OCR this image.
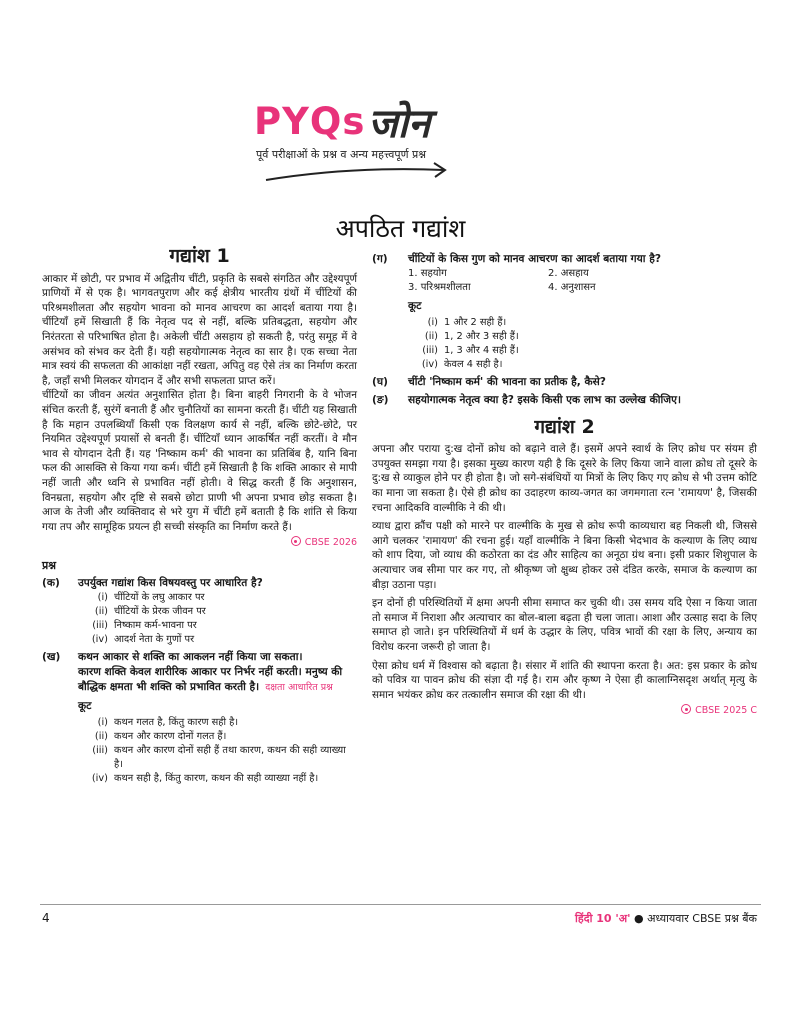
PYQs जोन
पूर्व परीक्षाओं के प्रश्न व अन्य महत्त्वपूर्ण प्रश्न
अपठित गद्यांश
गद्यांश 1

आकार में छोटी, पर प्रभाव में अद्वितीय चींटी, प्रकृति के सबसे संगठित और उद्देश्यपूर्ण प्राणियों में से एक है। भागवतपुराण और कई क्षेत्रीय भारतीय ग्रंथों में चींटियों की परिश्रमशीलता और सहयोग भावना को मानव आचरण का आदर्श बताया गया है। चींटियाँ हमें सिखाती हैं कि नेतृत्व पद से नहीं, बल्कि प्रतिबद्धता, सहयोग और निरंतरता से परिभाषित होता है। अकेली चींटी असहाय हो सकती है, परंतु समूह में वे असंभव को संभव कर देती हैं। यही सहयोगात्मक नेतृत्व का सार है। एक सच्चा नेता मात्र स्वयं की सफलता की आकांक्षा नहीं रखता, अपितु वह ऐसे तंत्र का निर्माण करता है, जहाँ सभी मिलकर योगदान दें और सभी सफलता प्राप्त करें।

चींटियों का जीवन अत्यंत अनुशासित होता है। बिना बाहरी निगरानी के वे भोजन संचित करती हैं, सुरंगें बनाती हैं और चुनौतियों का सामना करती हैं। चींटी यह सिखाती है कि महान उपलब्धियाँ किसी एक विलक्षण कार्य से नहीं, बल्कि छोटे-छोटे, पर नियमित उद्देश्यपूर्ण प्रयासों से बनती हैं। चींटियाँ ध्यान आकर्षित नहीं करतीं। वे मौन भाव से योगदान देती हैं। यह 'निष्काम कर्म' की भावना का प्रतिबिंब है, यानि बिना फल की आसक्ति से किया गया कर्म। चींटी हमें सिखाती है कि शक्ति आकार से मापी नहीं जाती और ध्वनि से प्रभावित नहीं होती। वे सिद्ध करती हैं कि अनुशासन, विनम्रता, सहयोग और दृष्टि से सबसे छोटा प्राणी भी अपना प्रभाव छोड़ सकता है। आज के तेजी और व्यक्तिवाद से भरे युग में चींटी हमें बताती है कि शांति से किया गया तप और सामूहिक प्रयत्न ही सच्ची संस्कृति का निर्माण करते हैं।

CBSE 2026
प्रश्न
(क)	उपर्युक्त गद्यांश किस विषयवस्तु पर आधारित है?
(i) चींटियों के लघु आकार पर
(ii) चींटियों के प्रेरक जीवन पर
(iii) निष्काम कर्म-भावना पर
(iv) आदर्श नेता के गुणों पर
(ख)	कथन आकार से शक्ति का आकलन नहीं किया जा सकता।
कारण शक्ति केवल शारीरिक आकार पर निर्भर नहीं करती। मनुष्य की बौद्धिक क्षमता भी शक्ति को प्रभावित करती है। दक्षता आधारित प्रश्न
कूट
(i) कथन गलत है, किंतु कारण सही है।
(ii) कथन और कारण दोनों गलत हैं।
(iii) कथन और कारण दोनों सही हैं तथा कारण, कथन की सही व्याख्या है।
(iv) कथन सही है, किंतु कारण, कथन की सही व्याख्या नहीं है।
(ग)	चींटियों के किस गुण को मानव आचरण का आदर्श बताया गया है?
1. सहयोग	2. असहाय
3. परिश्रमशीलता	4. अनुशासन
कूट
(i) 1 और 2 सही हैं।
(ii) 1, 2 और 3 सही हैं।
(iii) 1, 3 और 4 सही हैं।
(iv) केवल 4 सही है।
(घ)	चींटी 'निष्काम कर्म' की भावना का प्रतीक है, कैसे?
(ङ)	सहयोगात्मक नेतृत्व क्या है? इसके किसी एक लाभ का उल्लेख कीजिए।
गद्यांश 2

अपना और पराया दु:ख दोनों क्रोध को बढ़ाने वाले हैं। इसमें अपने स्वार्थ के लिए क्रोध पर संयम ही उपयुक्त समझा गया है। इसका मुख्य कारण यही है कि दूसरे के लिए किया जाने वाला क्रोध तो दूसरे के दु:ख से व्याकुल होने पर ही होता है। जो सगे-संबंधियों या मित्रों के लिए किए गए क्रोध से भी उत्तम कोटि का माना जा सकता है। ऐसे ही क्रोध का उदाहरण काव्य-जगत का जगमगाता रत्न 'रामायण' है, जिसकी रचना आदिकवि वाल्मीकि ने की थी।

व्याध द्वारा क्रौंच पक्षी को मारने पर वाल्मीकि के मुख से क्रोध रूपी काव्यधारा बह निकली थी, जिससे आगे चलकर 'रामायण' की रचना हुई। यहाँ वाल्मीकि ने बिना किसी भेदभाव के कल्याण के लिए व्याध को शाप दिया, जो व्याध की कठोरता का दंड और साहित्य का अनूठा ग्रंथ बना। इसी प्रकार शिशुपाल के अत्याचार जब सीमा पार कर गए, तो श्रीकृष्ण जो क्षुब्ध होकर उसे दंडित करके, समाज के कल्याण का बीड़ा उठाना पड़ा।

इन दोनों ही परिस्थितियों में क्षमा अपनी सीमा समाप्त कर चुकी थी। उस समय यदि ऐसा न किया जाता तो समाज में निराशा और अत्याचार का बोल-बाला बढ़ता ही चला जाता। आशा और उत्साह सदा के लिए समाप्त हो जाते। इन परिस्थितियों में धर्म के उद्धार के लिए, पवित्र भावों की रक्षा के लिए, अन्याय का विरोध करना जरूरी हो जाता है।

ऐसा क्रोध धर्म में विश्वास को बढ़ाता है। संसार में शांति की स्थापना करता है। अत: इस प्रकार के क्रोध को पवित्र या पावन क्रोध की संज्ञा दी गई है। राम और कृष्ण ने ऐसा ही कालाग्निसदृश अर्थात् मृत्यु के समान भयंकर क्रोध कर तत्कालीन समाज की रक्षा की थी।

CBSE 2025 C
4	हिंदी 10 'अ' ● अध्यायवार CBSE प्रश्न बैंक
